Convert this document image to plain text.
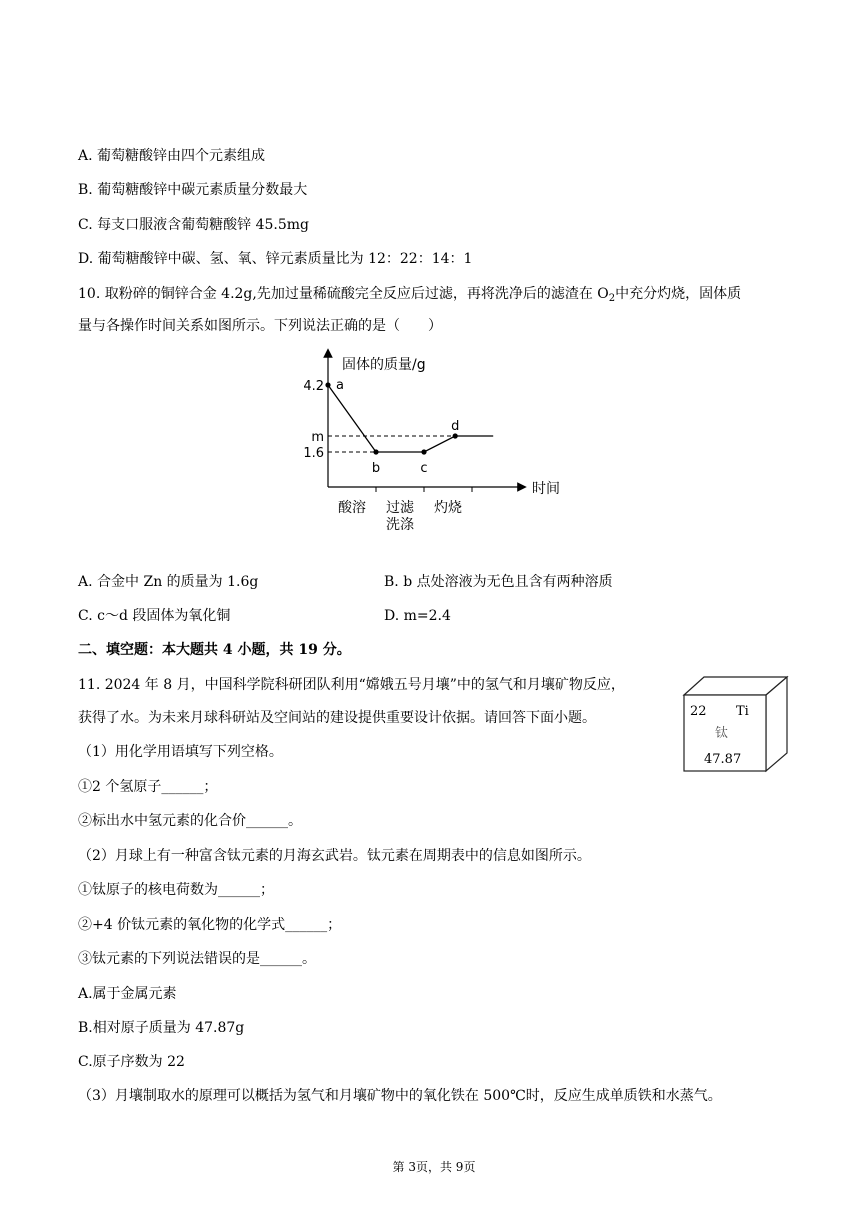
A. 葡萄糖酸锌由四个元素组成
B. 葡萄糖酸锌中碳元素质量分数最大
C. 每支口服液含葡萄糖酸锌 45.5mg
D. 葡萄糖酸锌中碳、氢、氧、锌元素质量比为 12：22：14：1
10. 取粉碎的铜锌合金 4.2g,先加过量稀硫酸完全反应后过滤，再将洗净后的滤渣在 $O_2$中充分灼烧，固体质
量与各操作时间关系如图所示。下列说法正确的是（　　）
固体的质量/g
时间
a
b	c
d
4.2
m
1.6
酸溶 过滤
洗涤
灼烧
A. 合金中 Zn 的质量为 1.6g	B. b 点处溶液为无色且含有两种溶质
C. c～d 段固体为氧化铜	D. m=2.4
二、填空题：本大题共 4 小题，共 19 分。
11. 2024 年 8 月，中国科学院科研团队利用“嫦娥五号月壤”中的氢气和月壤矿物反应，
获得了水。为未来月球科研站及空间站的建设提供重要设计依据。请回答下面小题。
（1）用化学用语填写下列空格。
①2 个氢原子______；
②标出水中氢元素的化合价______。
（2）月球上有一种富含钛元素的月海玄武岩。钛元素在周期表中的信息如图所示。
①钛原子的核电荷数为______；
②+4 价钛元素的氧化物的化学式______；
③钛元素的下列说法错误的是______。
A.属于金属元素
B.相对原子质量为 47.87g
C.原子序数为 22
（3）月壤制取水的原理可以概括为氢气和月壤矿物中的氧化铁在 500℃时，反应生成单质铁和水蒸气。
22 Ti
钛
47.87
第 3页，共 9页
